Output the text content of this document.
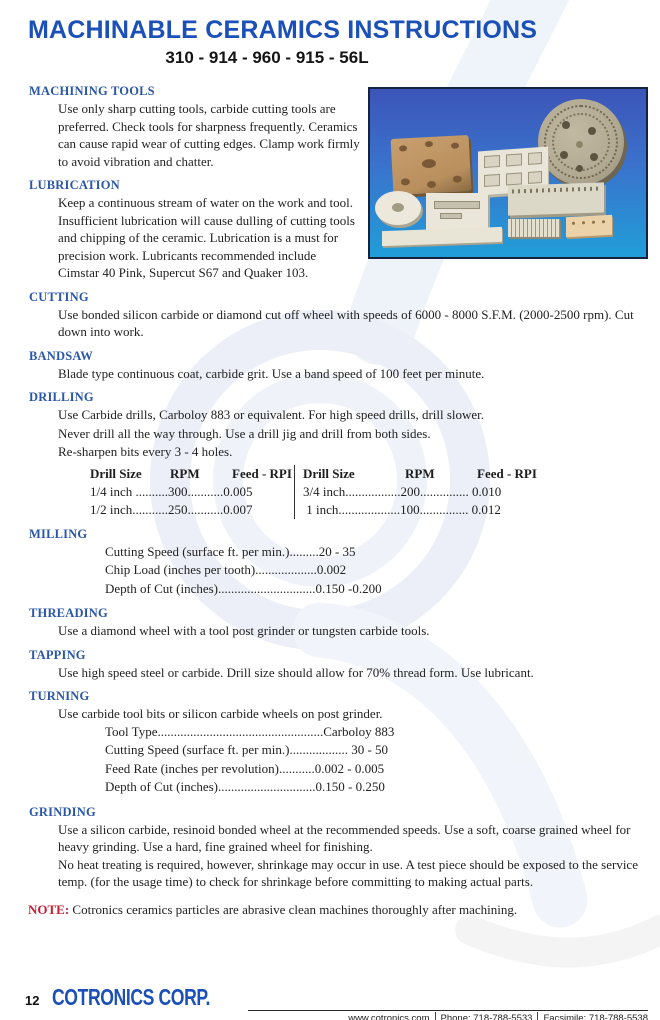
MACHINABLE CERAMICS INSTRUCTIONS
310 - 914 - 960 - 915 - 56L
MACHINING TOOLS
Use only sharp cutting tools, carbide cutting tools are preferred. Check tools for sharpness frequently. Ceramics can cause rapid wear of cutting edges. Clamp work firmly to avoid vibration and chatter.
LUBRICATION
Keep a continuous stream of water on the work and tool. Insufficient lubrication will cause dulling of cutting tools and chipping of the ceramic. Lubrication is a must for precision work. Lubricants recommended include Cimstar 40 Pink, Supercut S67 and Quaker 103.
CUTTING
Use bonded silicon carbide or diamond cut off wheel with speeds of 6000 - 8000 S.F.M. (2000-2500 rpm). Cut down into work.
BANDSAW
Blade type continuous coat, carbide grit. Use a band speed of 100 feet per minute.
DRILLING
Use Carbide drills, Carboloy 883 or equivalent. For high speed drills, drill slower.
Never drill all the way through. Use a drill jig and drill from both sides.
Re-sharpen bits every 3 - 4 holes.
Drill Size	RPM	Feed - RPI
1/4 inch ..........300...........0.005
1/2 inch...........250...........0.007
Drill Size	RPM	Feed - RPI
3/4 inch.................200............... 0.010
1 inch...................100............... 0.012
MILLING
Cutting Speed (surface ft. per min.).........20 - 35
Chip Load (inches per tooth)...................0.002
Depth of Cut (inches)..............................0.150 -0.200
THREADING
Use a diamond wheel with a tool post grinder or tungsten carbide tools.
TAPPING
Use high speed steel or carbide. Drill size should allow for 70% thread form. Use lubricant.
TURNING
Use carbide tool bits or silicon carbide wheels on post grinder.
Tool Type...................................................Carboloy 883
Cutting Speed (surface ft. per min.).................. 30 - 50
Feed Rate (inches per revolution)...........0.002 - 0.005
Depth of Cut (inches)..............................0.150 - 0.250
GRINDING
Use a silicon carbide, resinoid bonded wheel at the recommended speeds. Use a soft, coarse grained wheel for heavy grinding. Use a hard, fine grained wheel for finishing.
No heat treating is required, however, shrinkage may occur in use. A test piece should be exposed to the service temp. (for the usage time) to check for shrinkage before committing to making actual parts.
NOTE: Cotronics ceramics particles are abrasive clean machines thoroughly after machining.
12 COTRONICS CORP.
www.cotronics.com Phone: 718-788-5533 Facsimile: 718-788-5538
